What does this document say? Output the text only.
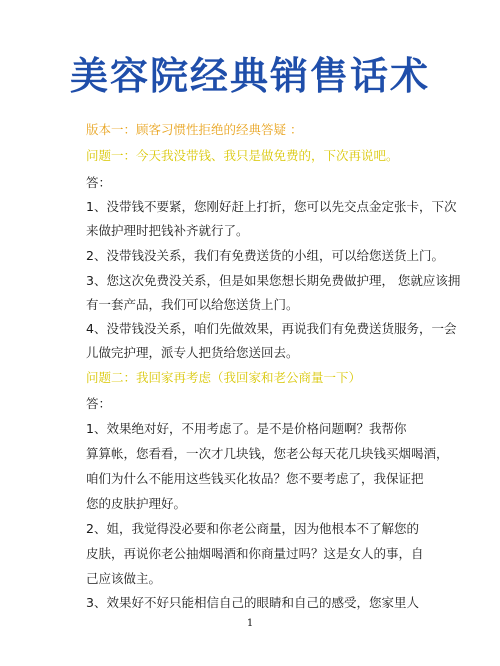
美容院经典销售话术
版本一：顾客习惯性拒绝的经典答疑 ：
问题一：今天我没带钱、我只是做免费的，下次再说吧。
答：
1、没带钱不要紧，您刚好赶上打折，您可以先交点金定张卡，下次
来做护理时把钱补齐就行了。
2、没带钱没关系，我们有免费送货的小组，可以给您送货上门。
3、您这次免费没关系，但是如果您想长期免费做护理， 您就应该拥
有一套产品，我们可以给您送货上门。
4、没带钱没关系，咱们先做效果，再说我们有免费送货服务，一会
儿做完护理，派专人把货给您送回去。
问题二：我回家再考虑（我回家和老公商量一下）
答：
1、效果绝对好，不用考虑了。是不是价格问题啊？我帮你
算算帐，您看看，一次才几块钱，您老公每天花几块钱买烟喝酒，
咱们为什么不能用这些钱买化妆品？您不要考虑了，我保证把
您的皮肤护理好。
2、姐，我觉得没必要和你老公商量，因为他根本不了解您的
皮肤，再说你老公抽烟喝酒和你商量过吗？这是女人的事，自
己应该做主。
3、效果好不好只能相信自己的眼睛和自己的感受，您家里人
1
